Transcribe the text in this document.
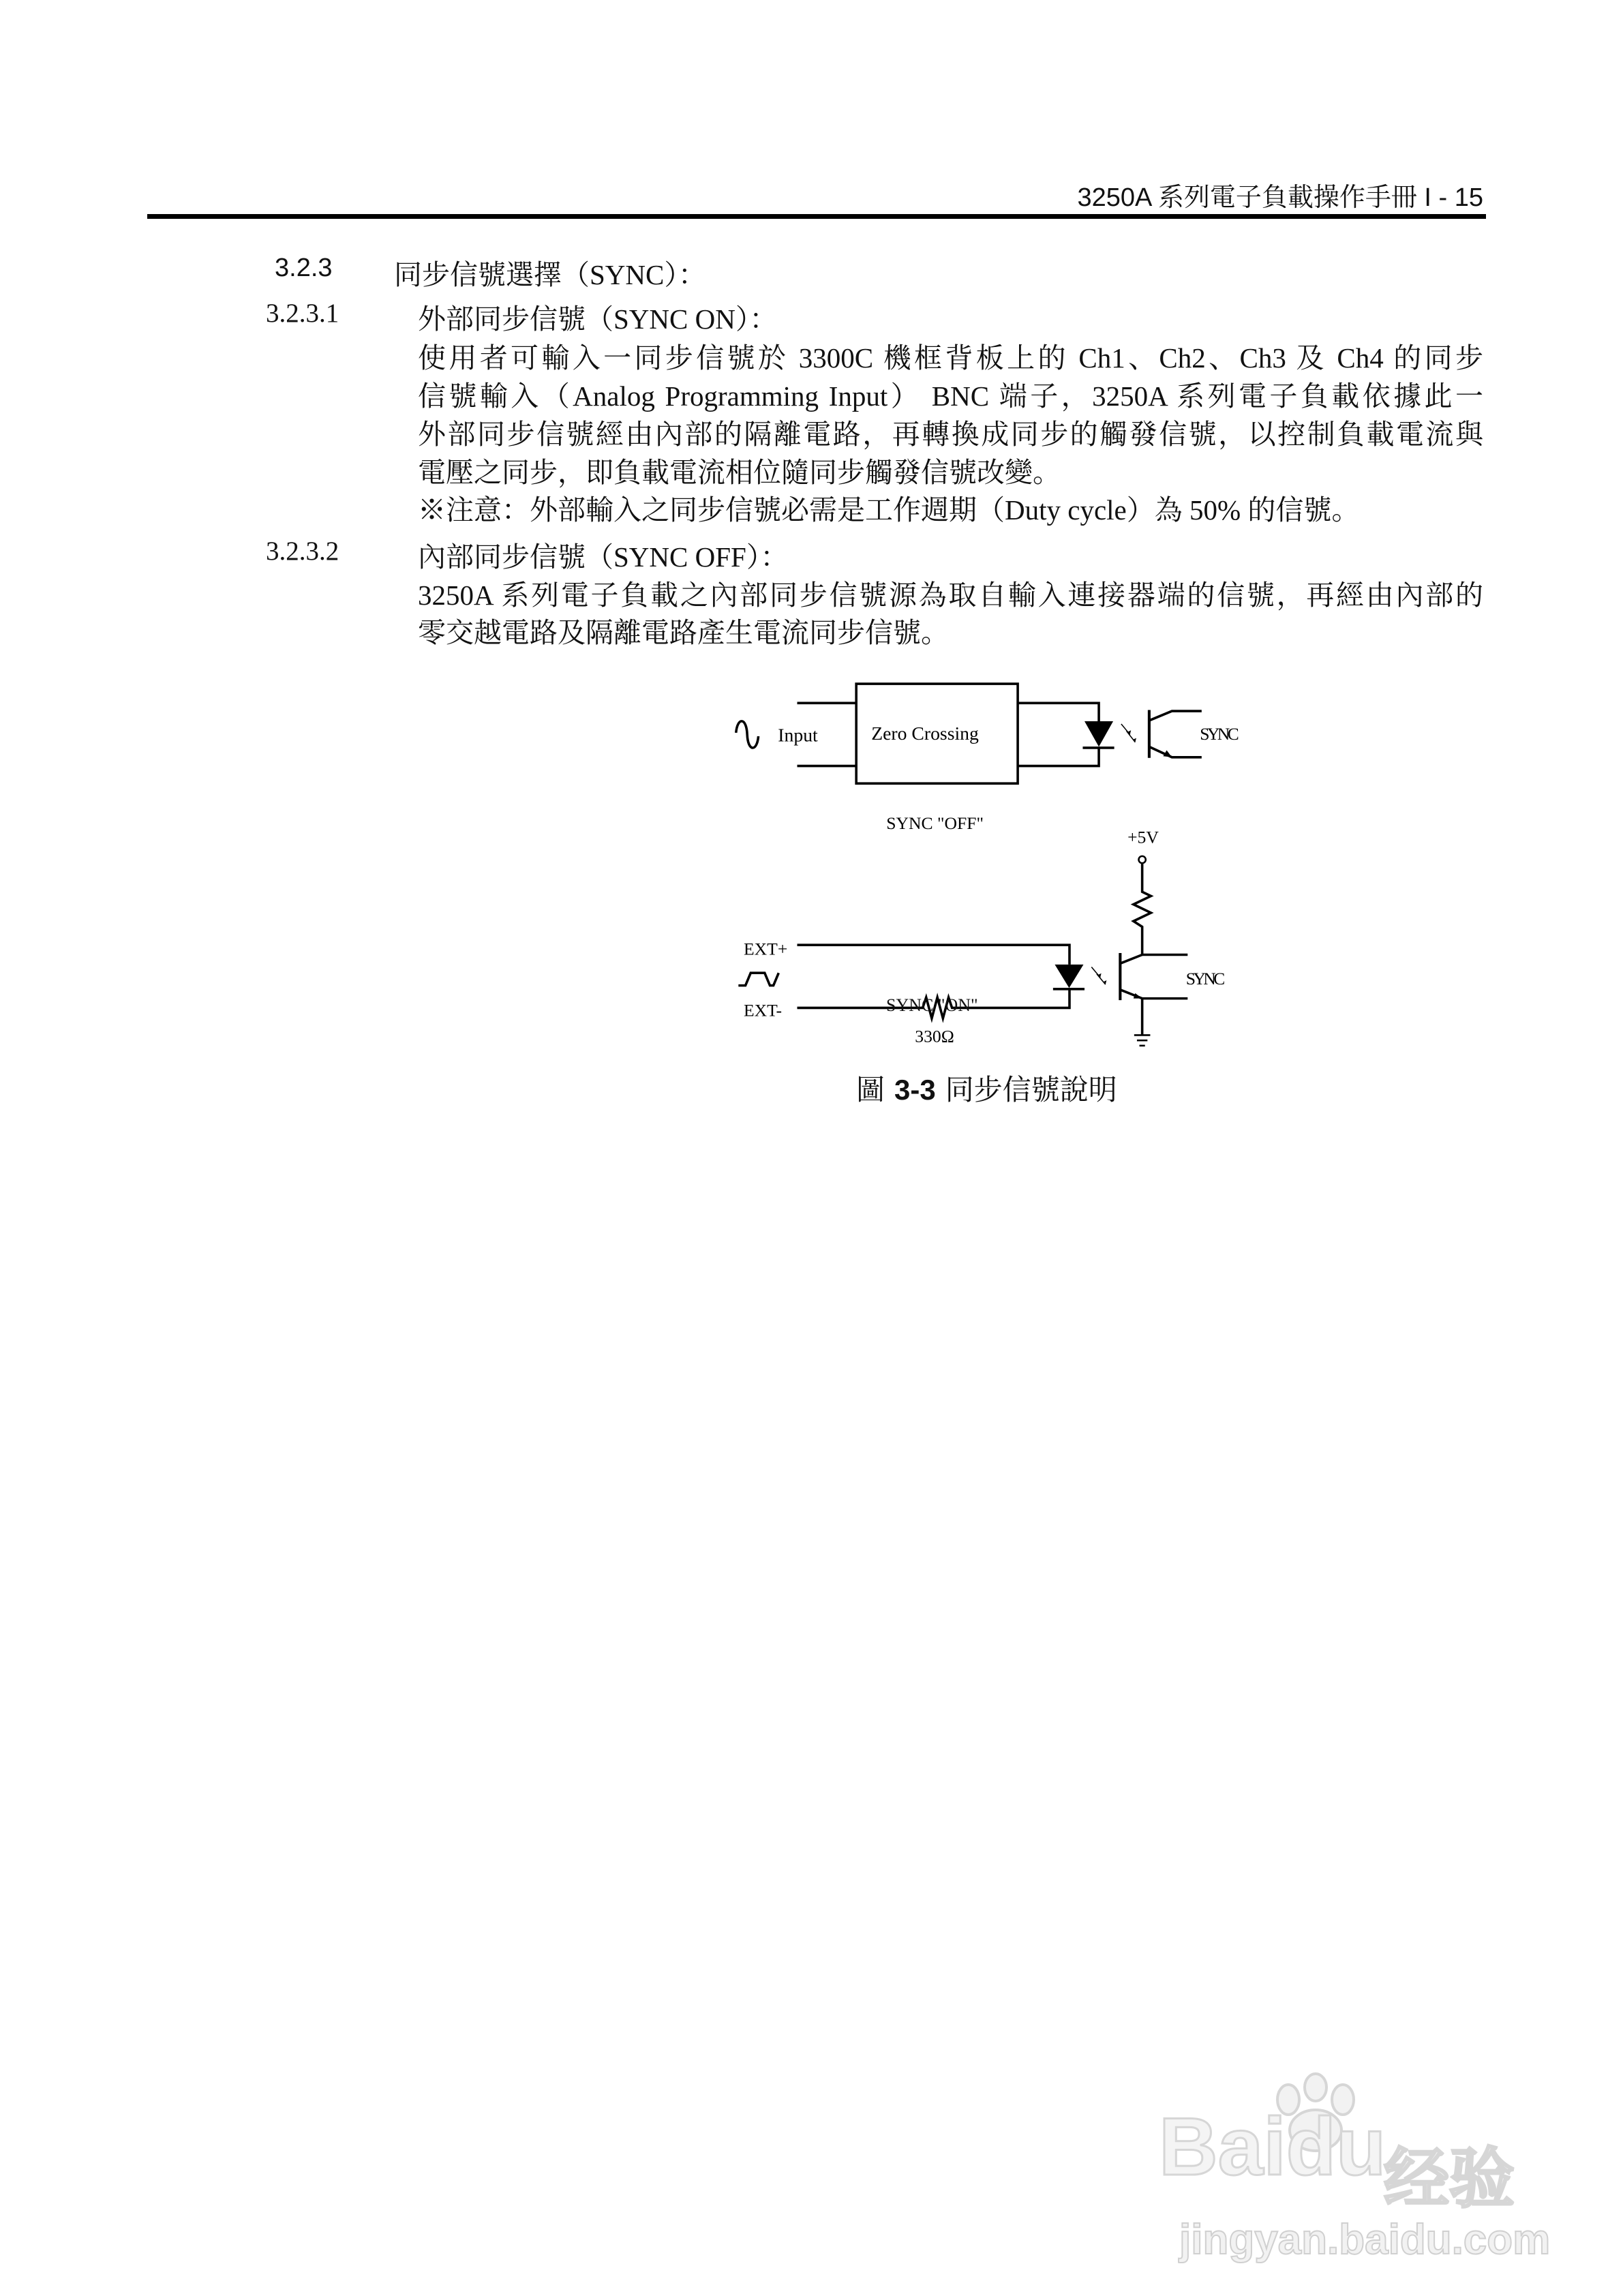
3250A 系列電子負載操作手冊 I - 15
3.2.3 同步信號選擇（SYNC）：
3.2.3.1	外部同步信號（SYNC ON）：
使用者可輸入一同步信號於 3300C 機框背板上的 Ch1、Ch2、Ch3 及 Ch4 的同步
信號輸入（Analog Programming Input） BNC 端子，3250A 系列電子負載依據此一
外部同步信號經由內部的隔離電路，再轉換成同步的觸發信號，以控制負載電流與
電壓之同步，即負載電流相位隨同步觸發信號改變。
※注意：外部輸入之同步信號必需是工作週期（Duty cycle）為 50% 的信號。
3.2.3.2	內部同步信號（SYNC OFF）：
3250A 系列電子負載之內部同步信號源為取自輸入連接器端的信號，再經由內部的
零交越電路及隔離電路產生電流同步信號。
Input Zero Crossing	SYNC
SYNC "OFF"
+5V
EXT+
EXT-
330Ω
SYNC
SYNC "ON"
圖 3-3 同步信號說明
Baidu
经验
jingyan.baidu.com
